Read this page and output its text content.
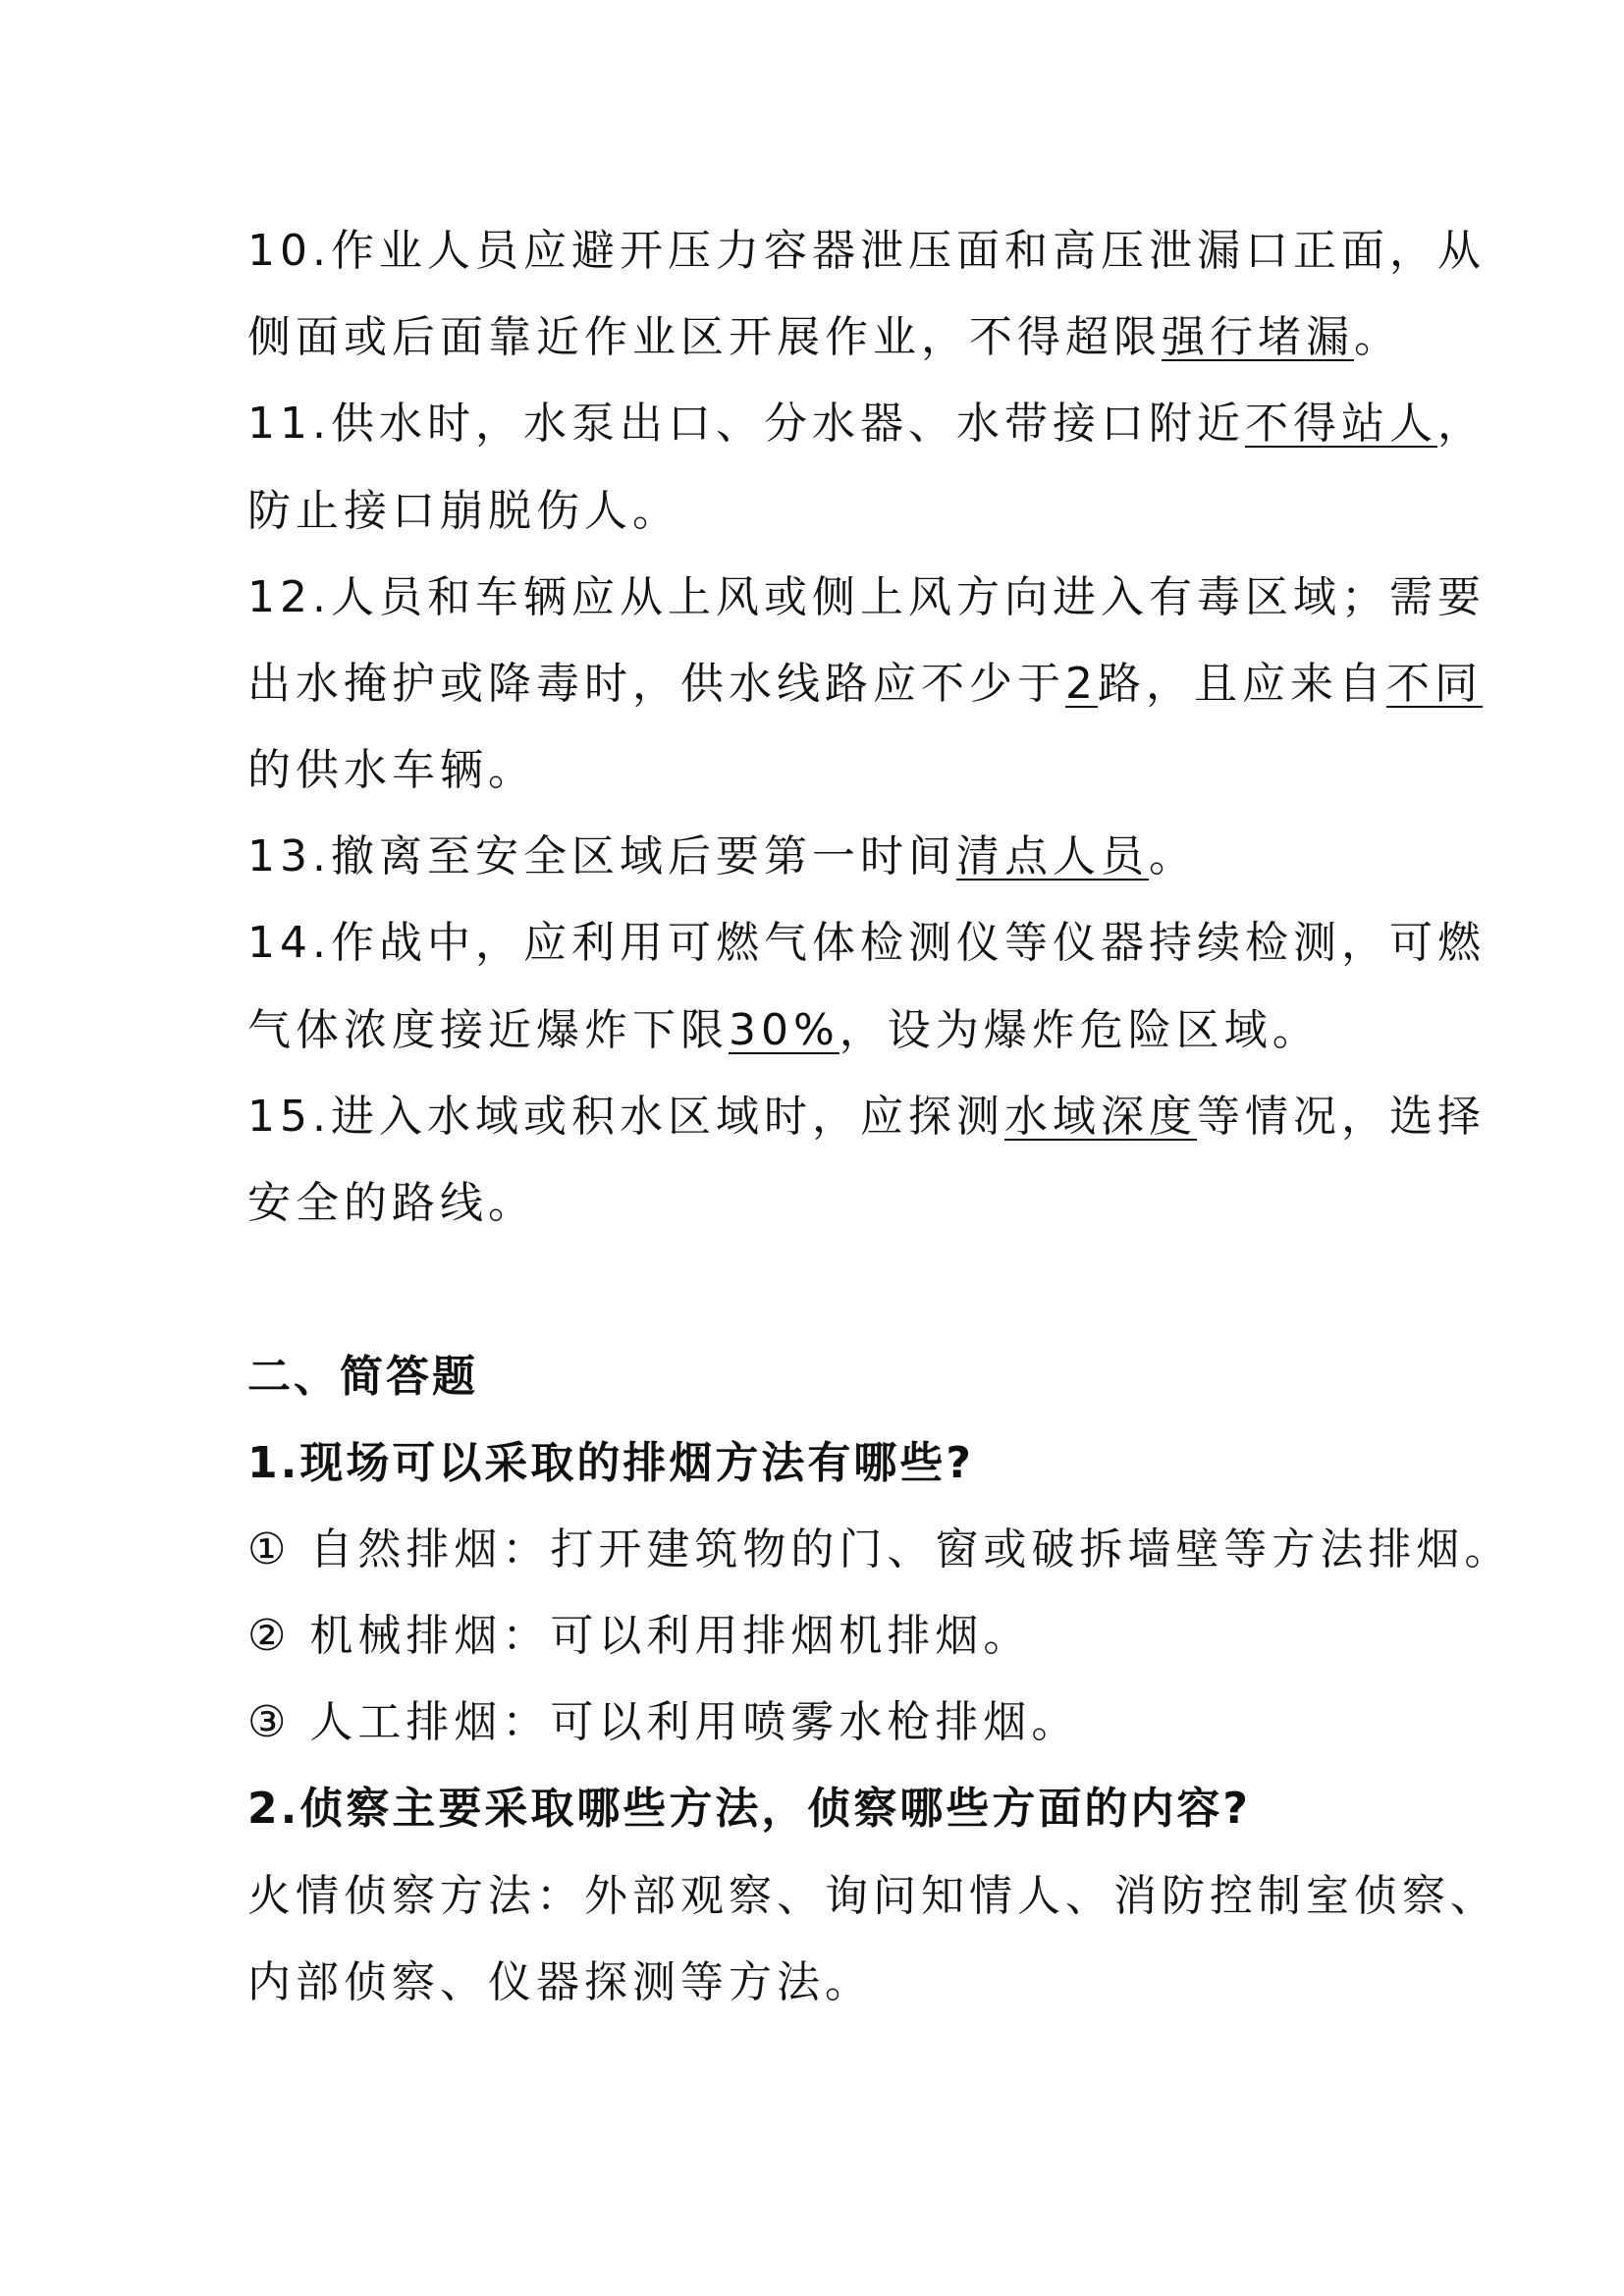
10.作业人员应避开压力容器泄压面和高压泄漏口正面，从
侧面或后面靠近作业区开展作业，不得超限强行堵漏。
11.供水时，水泵出口、分水器、水带接口附近不得站人，
防止接口崩脱伤人。
12.人员和车辆应从上风或侧上风方向进入有毒区域；需要
出水掩护或降毒时，供水线路应不少于2路，且应来自不同
的供水车辆。
13.撤离至安全区域后要第一时间清点人员。
14.作战中，应利用可燃气体检测仪等仪器持续检测，可燃
气体浓度接近爆炸下限30%，设为爆炸危险区域。
15.进入水域或积水区域时，应探测水域深度等情况，选择
安全的路线。
二、简答题
1.现场可以采取的排烟方法有哪些?
① 自然排烟：打开建筑物的门、窗或破拆墙壁等方法排烟。
② 机械排烟：可以利用排烟机排烟。
③ 人工排烟：可以利用喷雾水枪排烟。
2.侦察主要采取哪些方法，侦察哪些方面的内容?
火情侦察方法：外部观察、询问知情人、消防控制室侦察、
内部侦察、仪器探测等方法。
